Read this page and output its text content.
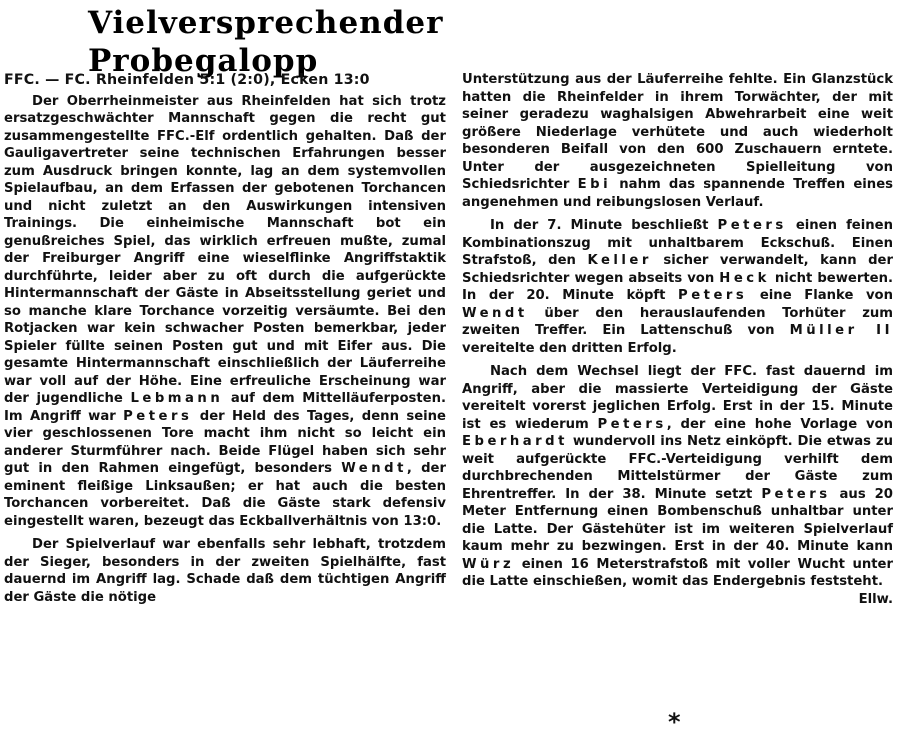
Vielversprechender
Probegalopp

FFC. — FC. Rheinfelden 5:1 (2:0), Ecken 13:0

Der Oberrheinmeister aus Rheinfelden hat sich trotz ersatzgeschwächter Mannschaft gegen die recht gut zusammengestellte FFC.-Elf ordentlich gehalten. Daß der Gauligavertreter seine technischen Erfahrungen besser zum Ausdruck bringen konnte, lag an dem systemvollen Spielaufbau, an dem Erfassen der gebotenen Torchancen und nicht zuletzt an den Auswirkungen intensiven Trainings. Die einheimische Mannschaft bot ein genußreiches Spiel, das wirklich erfreuen mußte, zumal der Freiburger Angriff eine wieselflinke Angriffstaktik durchführte, leider aber zu oft durch die aufgerückte Hintermannschaft der Gäste in Abseitsstellung geriet und so manche klare Torchance vorzeitig versäumte. Bei den Rotjacken war kein schwacher Posten bemerkbar, jeder Spieler füllte seinen Posten gut und mit Eifer aus. Die gesamte Hintermannschaft einschließlich der Läuferreihe war voll auf der Höhe. Eine erfreuliche Erscheinung war der jugendliche Lebmann auf dem Mittelläuferposten. Im Angriff war Peters der Held des Tages, denn seine vier geschlossenen Tore macht ihm nicht so leicht ein anderer Sturmführer nach. Beide Flügel haben sich sehr gut in den Rahmen eingefügt, besonders Wendt, der eminent fleißige Linksaußen; er hat auch die besten Torchancen vorbereitet. Daß die Gäste stark defensiv eingestellt waren, bezeugt das Eckballverhältnis von 13:0.

Der Spielverlauf war ebenfalls sehr lebhaft, trotzdem der Sieger, besonders in der zweiten Spielhälfte, fast dauernd im Angriff lag. Schade daß dem tüchtigen Angriff der Gäste die nötige

Unterstützung aus der Läuferreihe fehlte. Ein Glanzstück hatten die Rheinfelder in ihrem Torwächter, der mit seiner geradezu waghalsigen Abwehrarbeit eine weit größere Niederlage verhütete und auch wiederholt besonderen Beifall von den 600 Zuschauern erntete. Unter der ausgezeichneten Spielleitung von Schiedsrichter Ebi nahm das spannende Treffen eines angenehmen und reibungslosen Verlauf.

In der 7. Minute beschließt Peters einen feinen Kombinationszug mit unhaltbarem Eckschuß. Einen Strafstoß, den Keller sicher verwandelt, kann der Schiedsrichter wegen abseits von Heck nicht bewerten. In der 20. Minute köpft Peters eine Flanke von Wendt über den herauslaufenden Torhüter zum zweiten Treffer. Ein Lattenschuß von Müller II vereitelte den dritten Erfolg.

Nach dem Wechsel liegt der FFC. fast dauernd im Angriff, aber die massierte Verteidigung der Gäste vereitelt vorerst jeglichen Erfolg. Erst in der 15. Minute ist es wiederum Peters, der eine hohe Vorlage von Eberhardt wundervoll ins Netz einköpft. Die etwas zu weit aufgerückte FFC.-Verteidigung verhilft dem durchbrechenden Mittelstürmer der Gäste zum Ehrentreffer. In der 38. Minute setzt Peters aus 20 Meter Entfernung einen Bombenschuß unhaltbar unter die Latte. Der Gästehüter ist im weiteren Spielverlauf kaum mehr zu bezwingen. Erst in der 40. Minute kann Würz einen 16 Meterstrafstoß mit voller Wucht unter die Latte einschießen, womit das Endergebnis feststeht.
Ellw.

*
